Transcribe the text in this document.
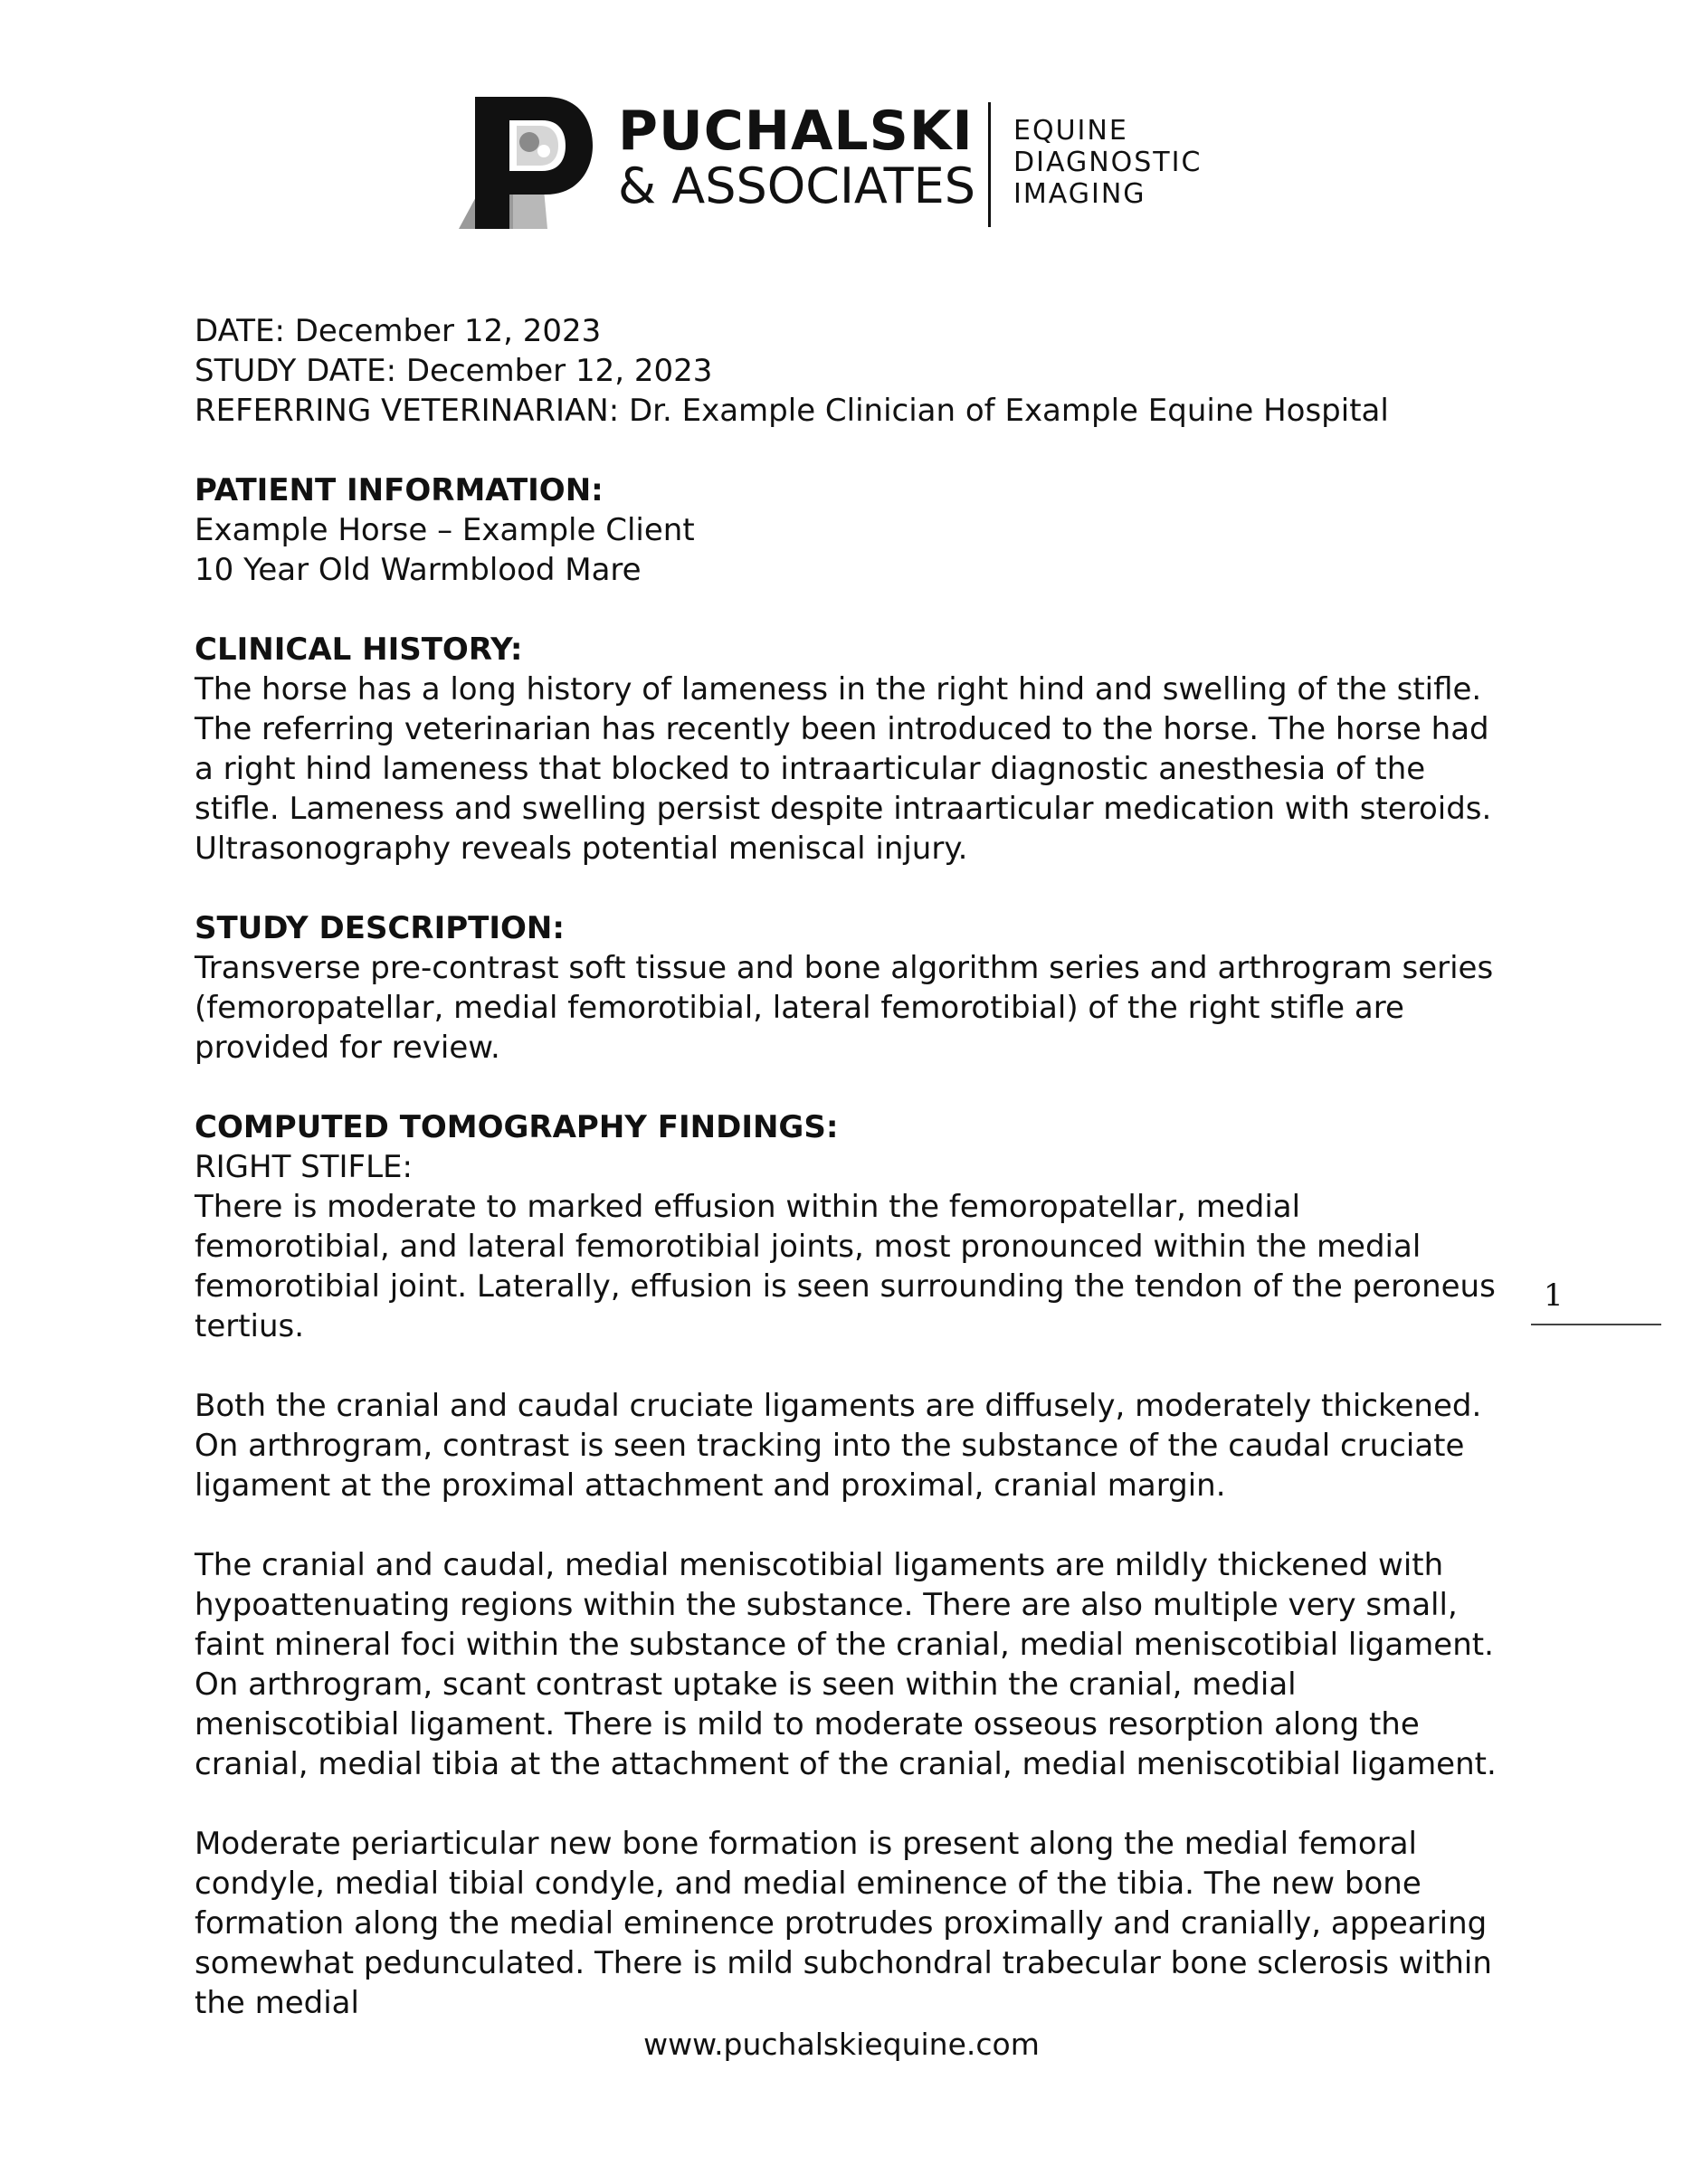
PUCHALSKI
& ASSOCIATES
EQUINE
DIAGNOSTIC
IMAGING
DATE: December 12, 2023
STUDY DATE: December 12, 2023
REFERRING VETERINARIAN: Dr. Example Clinician of Example Equine Hospital
PATIENT INFORMATION:
Example Horse – Example Client
10 Year Old Warmblood Mare
CLINICAL HISTORY:

The horse has a long history of lameness in the right hind and swelling of the stifle. The referring veterinarian has recently been introduced to the horse. The horse had a right hind lameness that blocked to intraarticular diagnostic anesthesia of the stifle. Lameness and swelling persist despite intraarticular medication with steroids. Ultrasonography reveals potential meniscal injury.

STUDY DESCRIPTION:

Transverse pre-contrast soft tissue and bone algorithm series and arthrogram series (femoropatellar, medial femorotibial, lateral femorotibial) of the right stifle are provided for review.

COMPUTED TOMOGRAPHY FINDINGS:
RIGHT STIFLE:

There is moderate to marked effusion within the femoropatellar, medial femorotibial, and lateral femorotibial joints, most pronounced within the medial femorotibial joint. Laterally, effusion is seen surrounding the tendon of the peroneus tertius.

Both the cranial and caudal cruciate ligaments are diffusely, moderately thickened. On arthrogram, contrast is seen tracking into the substance of the caudal cruciate ligament at the proximal attachment and proximal, cranial margin.

The cranial and caudal, medial meniscotibial ligaments are mildly thickened with hypoattenuating regions within the substance. There are also multiple very small, faint mineral foci within the substance of the cranial, medial meniscotibial ligament. On arthrogram, scant contrast uptake is seen within the cranial, medial meniscotibial ligament. There is mild to moderate osseous resorption along the cranial, medial tibia at the attachment of the cranial, medial meniscotibial ligament.

Moderate periarticular new bone formation is present along the medial femoral condyle, medial tibial condyle, and medial eminence of the tibia. The new bone formation along the medial eminence protrudes proximally and cranially, appearing somewhat pedunculated. There is mild subchondral trabecular bone sclerosis within the medial

1
www.puchalskiequine.com
